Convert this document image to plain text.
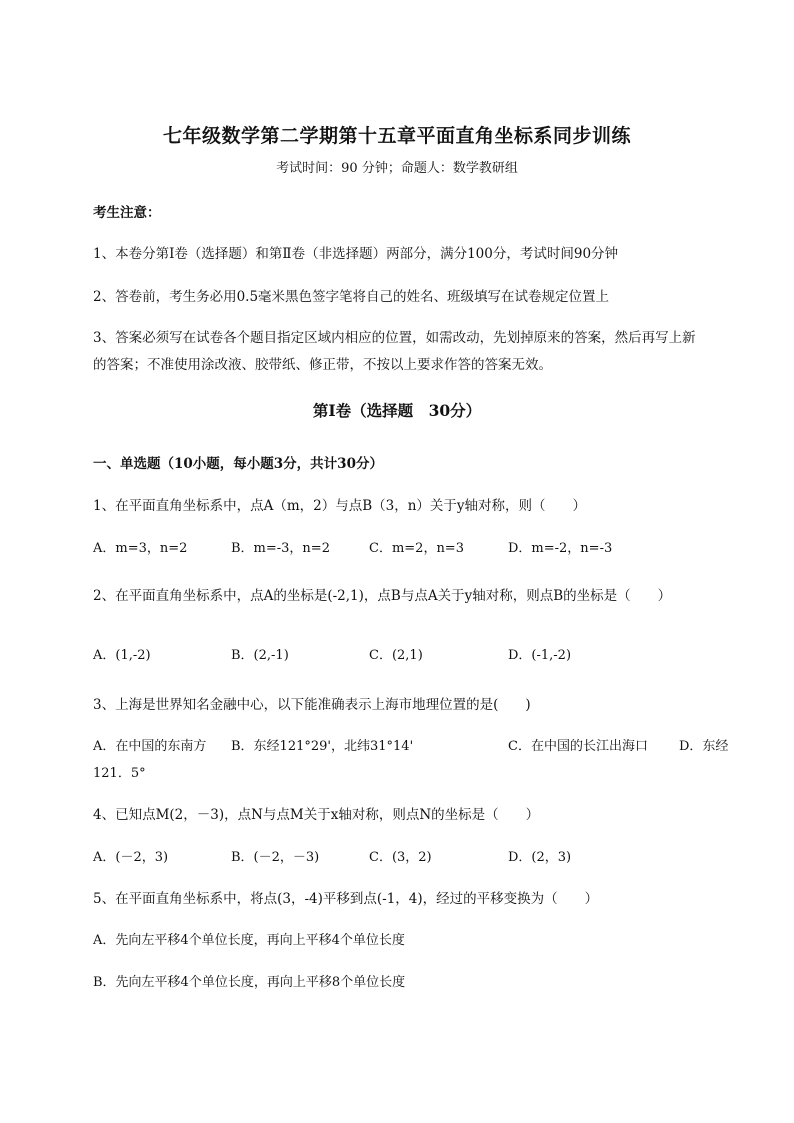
七年级数学第二学期第十五章平面直角坐标系同步训练
考试时间：90 分钟；命题人：数学教研组
考生注意：
1、本卷分第Ⅰ卷（选择题）和第Ⅱ卷（非选择题）两部分，满分100分，考试时间90分钟
2、答卷前，考生务必用0.5毫米黑色签字笔将自己的姓名、班级填写在试卷规定位置上
3、答案必须写在试卷各个题目指定区域内相应的位置，如需改动，先划掉原来的答案，然后再写上新
的答案；不准使用涂改液、胶带纸、修正带，不按以上要求作答的答案无效。
第Ⅰ卷（选择题　30分）
一、单选题（10小题，每小题3分，共计30分）
1、在平面直角坐标系中，点A（m，2）与点B（3，n）关于y轴对称，则（　　）
A．m=3，n=2	B．m=-3，n=2	C．m=2，n=3	D．m=-2，n=-3
2、在平面直角坐标系中，点A的坐标是(-2,1)，点B与点A关于y轴对称，则点B的坐标是（　　）
A．(1,-2)	B．(2,-1)	C．(2,1)	D．(-1,-2)
3、上海是世界知名金融中心，以下能准确表示上海市地理位置的是(　　)
A．在中国的东南方 B．东经121°29'，北纬31°14'	C．在中国的长江出海口 D．东经
121．5°
4、已知点M(2，－3)，点N与点M关于x轴对称，则点N的坐标是（　　）
A．(－2，3)	B．(－2，－3)	C．(3，2)	D．(2，3)
5、在平面直角坐标系中，将点(3，-4)平移到点(-1，4)，经过的平移变换为（　　）
A．先向左平移4个单位长度，再向上平移4个单位长度
B．先向左平移4个单位长度，再向上平移8个单位长度
